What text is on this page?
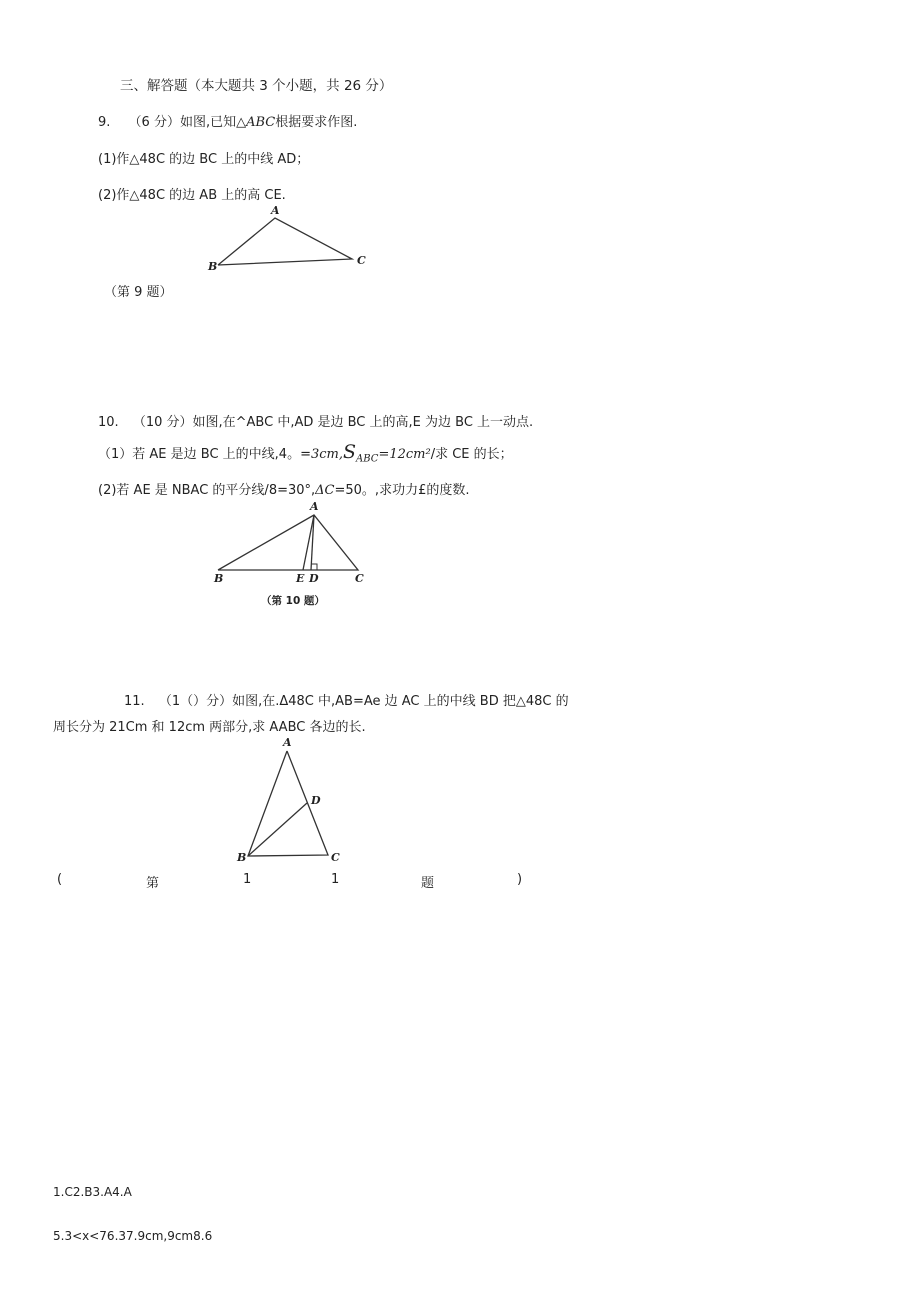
三、解答题（本大题共 3 个小题，共 26 分）
9. （6 分）如图,已知△ABC根据要求作图.
(1)作△48C 的边 BC 上的中线 AD；
(2)作△48C 的边 AB 上的高 CE.
A
B	C
（第 9 题）
10. （10 分）如图,在^ABC 中,AD 是边 BC 上的高,E 为边 BC 上一动点.
（1）若 AE 是边 BC 上的中线,4。$=3cm,S_{ABC}=12cm^2/$求 CE 的长；
(2)若 AE 是 NBAC 的平分线/8=30°,ΔC=50。,求功力£的度数.
A
B	E D	C
（第 10 题）
11. （1（）分）如图,在.Δ48C 中,AB=Ae 边 AC 上的中线 BD 把△48C 的
周长分为 21Cm 和 12cm 两部分,求 AABC 各边的长.
A
D
B	C
(	第	1	1	题	)
1.C2.B3.A4.A
5.3<x<76.37.9cm,9cm8.6
